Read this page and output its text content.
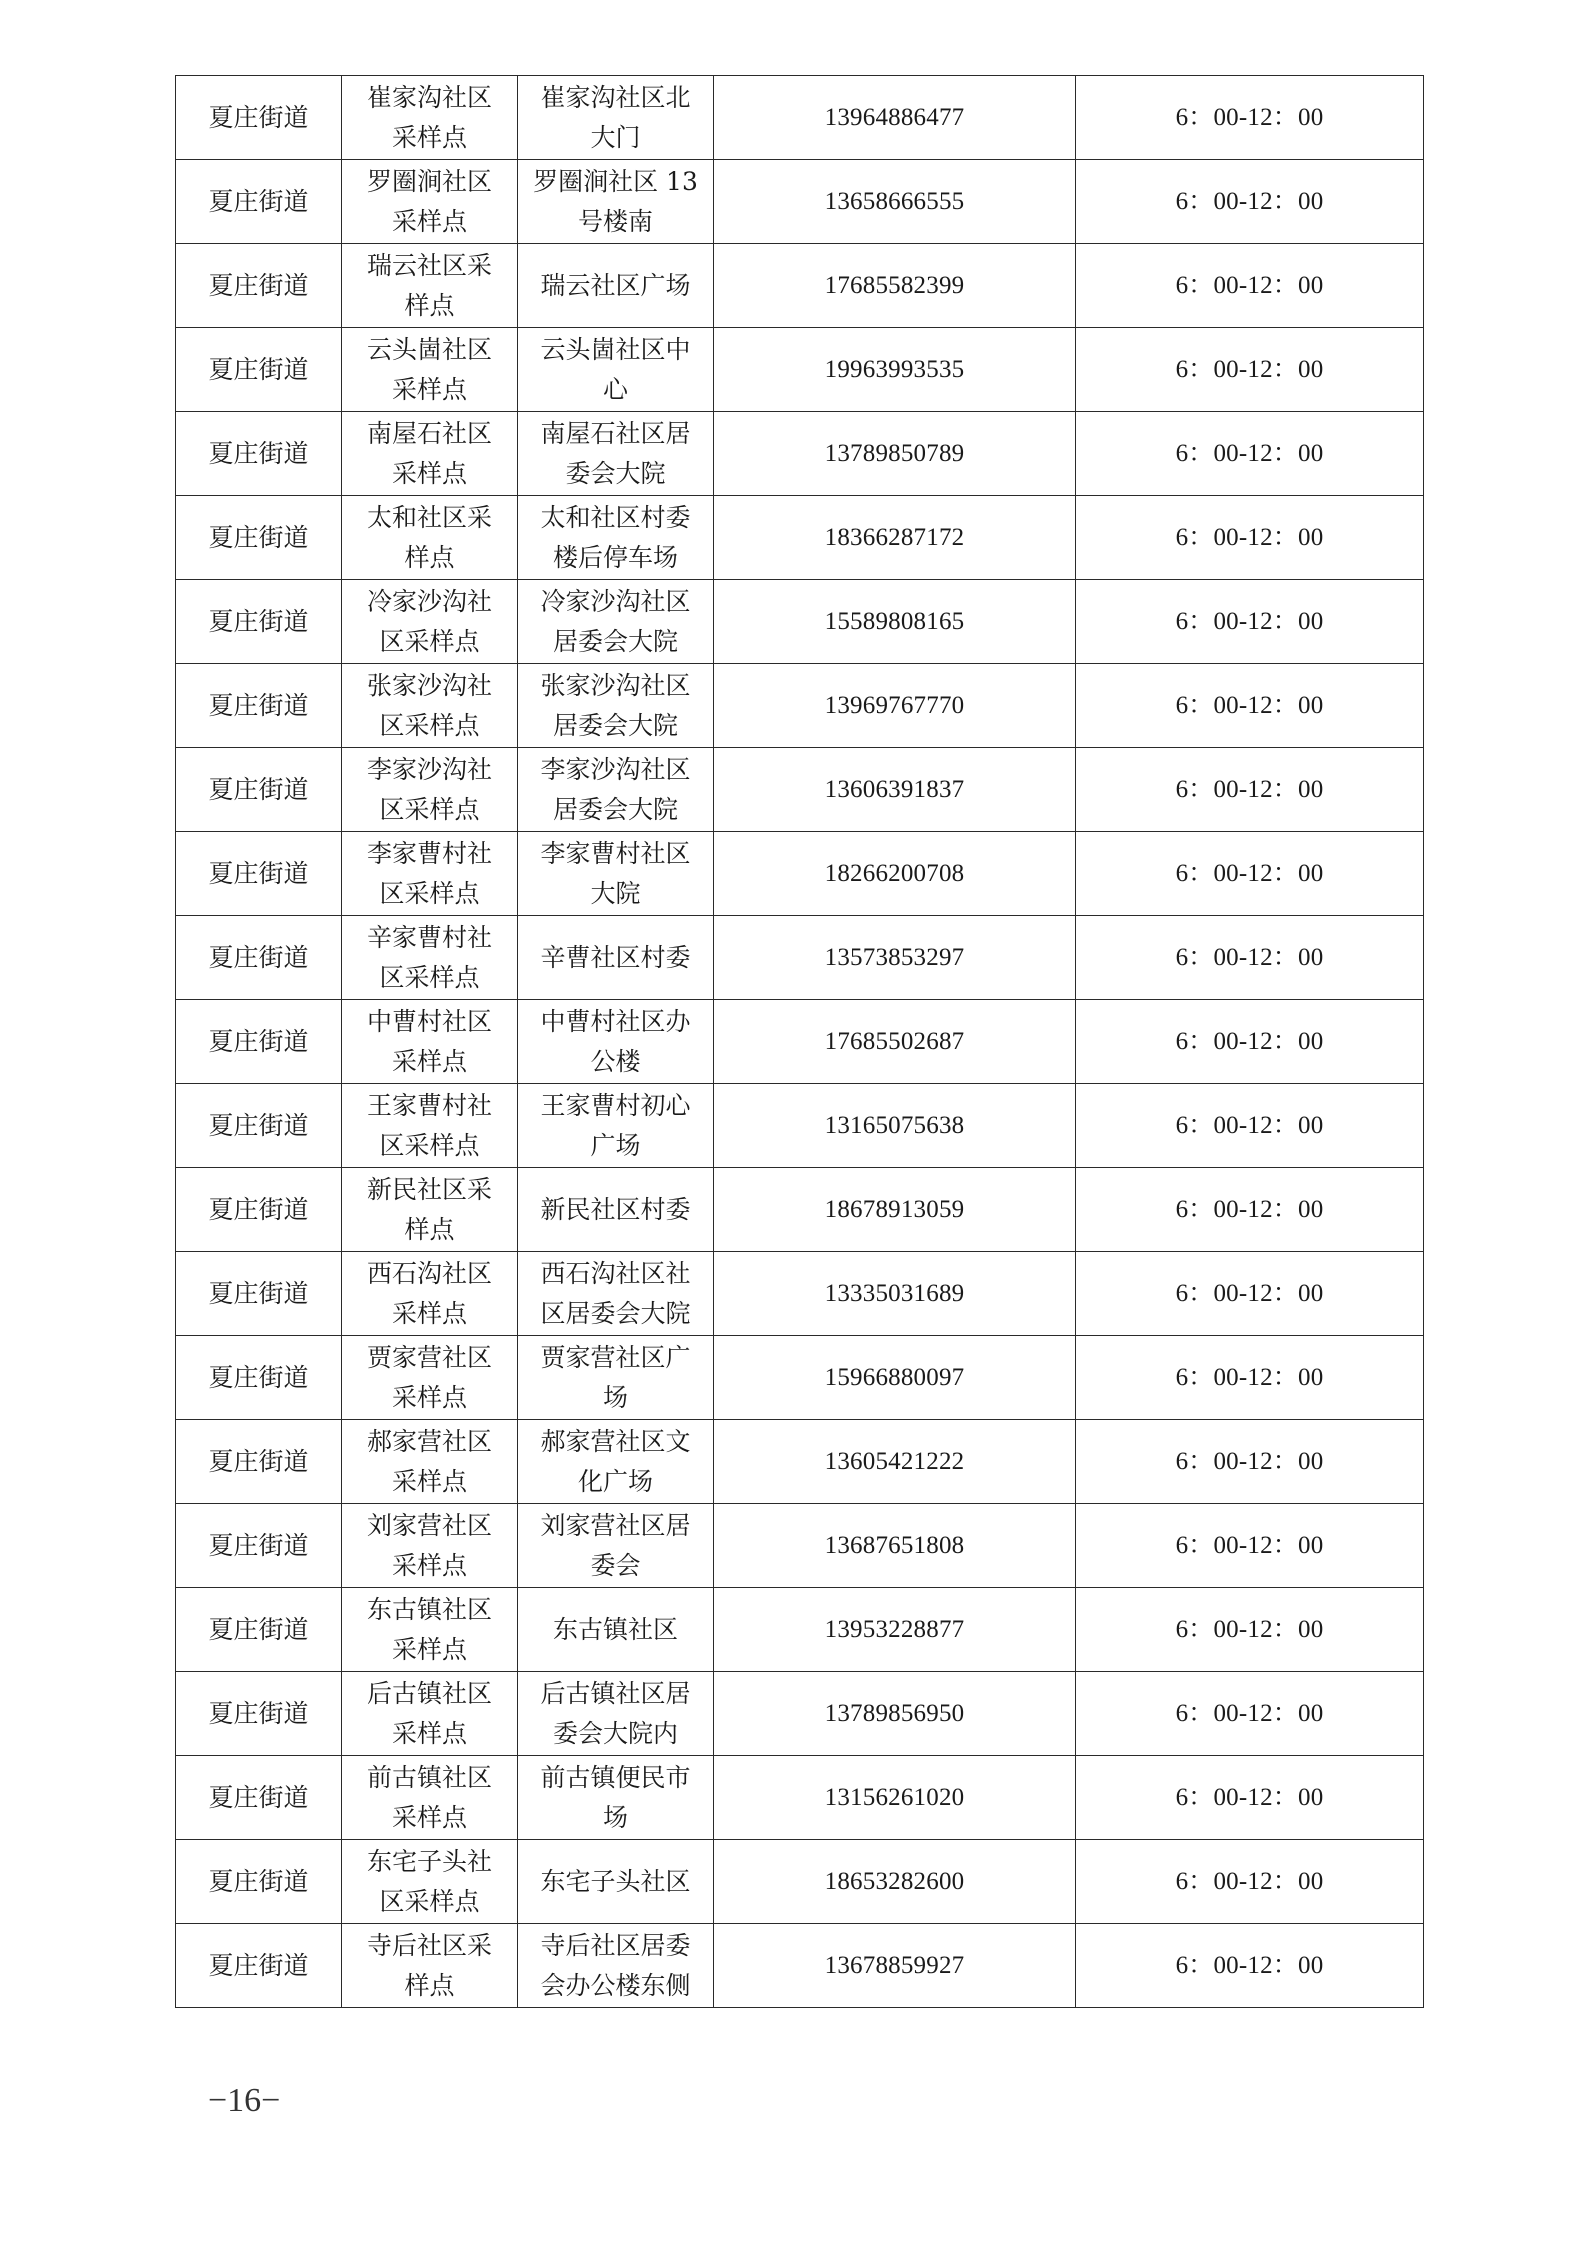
夏庄街道	崔家沟社区采样点	崔家沟社区北大门	13964886477	6：00-12：00
夏庄街道	罗圈涧社区采样点	罗圈涧社区 13 号楼南	13658666555	6：00-12：00
夏庄街道	瑞云社区采样点	瑞云社区广场	17685582399	6：00-12：00
夏庄街道	云头崮社区采样点	云头崮社区中心	19963993535	6：00-12：00
夏庄街道	南屋石社区采样点	南屋石社区居委会大院	13789850789	6：00-12：00
夏庄街道	太和社区采样点	太和社区村委楼后停车场	18366287172	6：00-12：00
夏庄街道	冷家沙沟社区采样点	冷家沙沟社区居委会大院	15589808165	6：00-12：00
夏庄街道	张家沙沟社区采样点	张家沙沟社区居委会大院	13969767770	6：00-12：00
夏庄街道	李家沙沟社区采样点	李家沙沟社区居委会大院	13606391837	6：00-12：00
夏庄街道	李家曹村社区采样点	李家曹村社区大院	18266200708	6：00-12：00
夏庄街道	辛家曹村社区采样点	辛曹社区村委	13573853297	6：00-12：00
夏庄街道	中曹村社区采样点	中曹村社区办公楼	17685502687	6：00-12：00
夏庄街道	王家曹村社区采样点	王家曹村初心广场	13165075638	6：00-12：00
夏庄街道	新民社区采样点	新民社区村委	18678913059	6：00-12：00
夏庄街道	西石沟社区采样点	西石沟社区社区居委会大院	13335031689	6：00-12：00
夏庄街道	贾家营社区采样点	贾家营社区广场	15966880097	6：00-12：00
夏庄街道	郝家营社区采样点	郝家营社区文化广场	13605421222	6：00-12：00
夏庄街道	刘家营社区采样点	刘家营社区居委会	13687651808	6：00-12：00
夏庄街道	东古镇社区采样点	东古镇社区	13953228877	6：00-12：00
夏庄街道	后古镇社区采样点	后古镇社区居委会大院内	13789856950	6：00-12：00
夏庄街道	前古镇社区采样点	前古镇便民市场	13156261020	6：00-12：00
夏庄街道	东宅子头社区采样点	东宅子头社区	18653282600	6：00-12：00
夏庄街道	寺后社区采样点	寺后社区居委会办公楼东侧	13678859927	6：00-12：00
−16−
